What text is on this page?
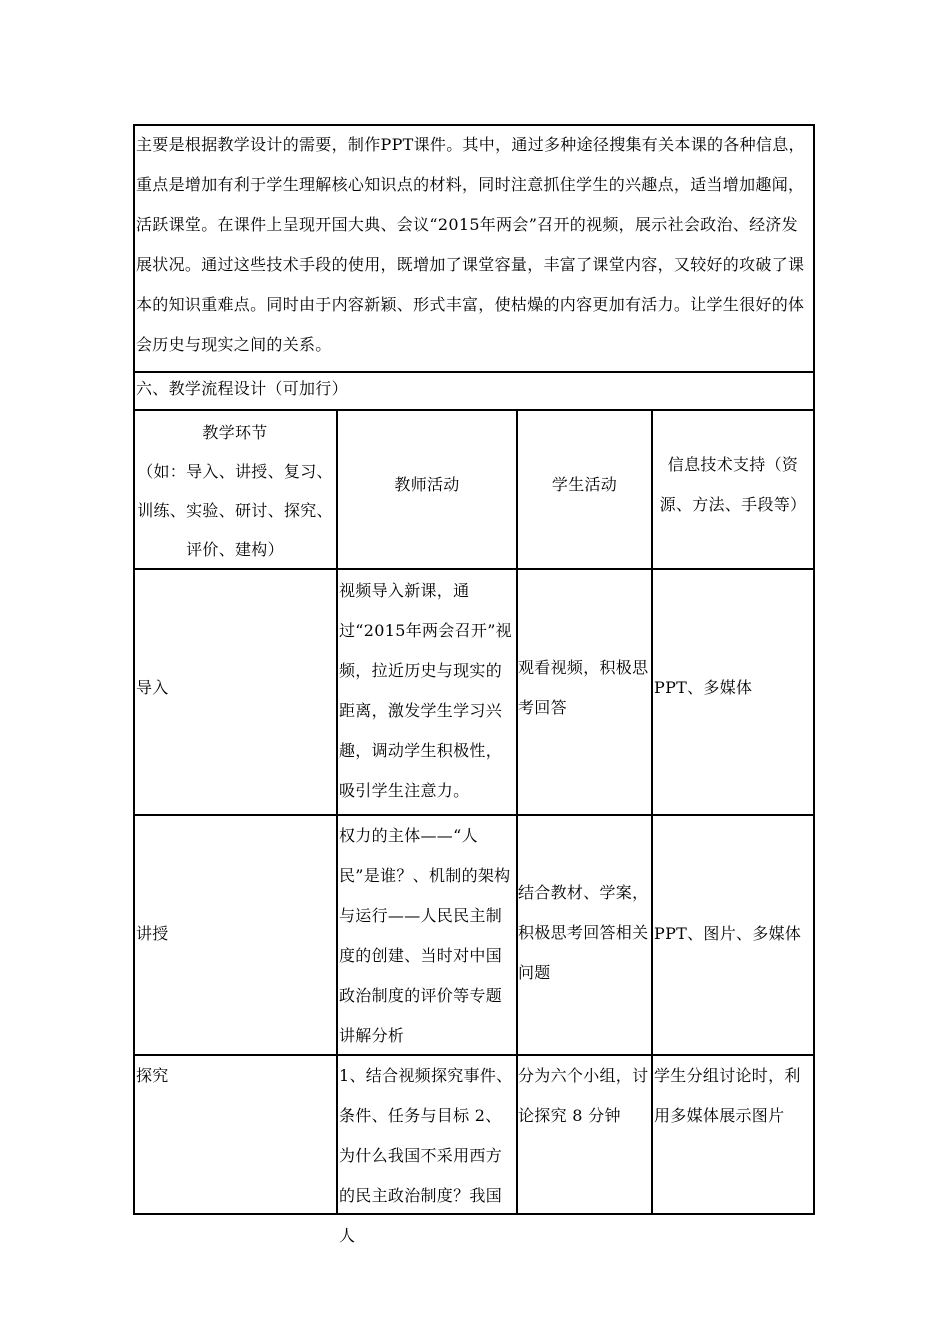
主要是根据教学设计的需要，制作PPT课件。其中，通过多种途径搜集有关本课的各种信息，重点是增加有利于学生理解核心知识点的材料，同时注意抓住学生的兴趣点，适当增加趣闻，活跃课堂。在课件上呈现开国大典、会议“2015年两会”召开的视频，展示社会政治、经济发展状况。通过这些技术手段的使用，既增加了课堂容量，丰富了课堂内容，又较好的攻破了课本的知识重难点。同时由于内容新颖、形式丰富，使枯燥的内容更加有活力。让学生很好的体会历史与现实之间的关系。
六、教学流程设计（可加行）
教学环节
（如：导入、讲授、复习、训练、实验、研讨、探究、评价、建构）
教师活动	学生活动
信息技术支持（资源、方法、手段等）
导入
视频导入新课，通过“2015年两会召开”视频，拉近历史与现实的距离，激发学生学习兴趣，调动学生积极性，吸引学生注意力。
观看视频，积极思考回答
PPT、多媒体
讲授
权力的主体——“人民”是谁？、机制的架构与运行——人民民主制度的创建、当时对中国政治制度的评价等专题讲解分析
结合教材、学案，积极思考回答相关问题
PPT、图片、多媒体
探究	1、结合视频探究事件、条件、任务与目标 2、为什么我国不采用西方的民主政治制度？我国人
分为六个小组，讨论探究 8 分钟
学生分组讨论时，利用多媒体展示图片
